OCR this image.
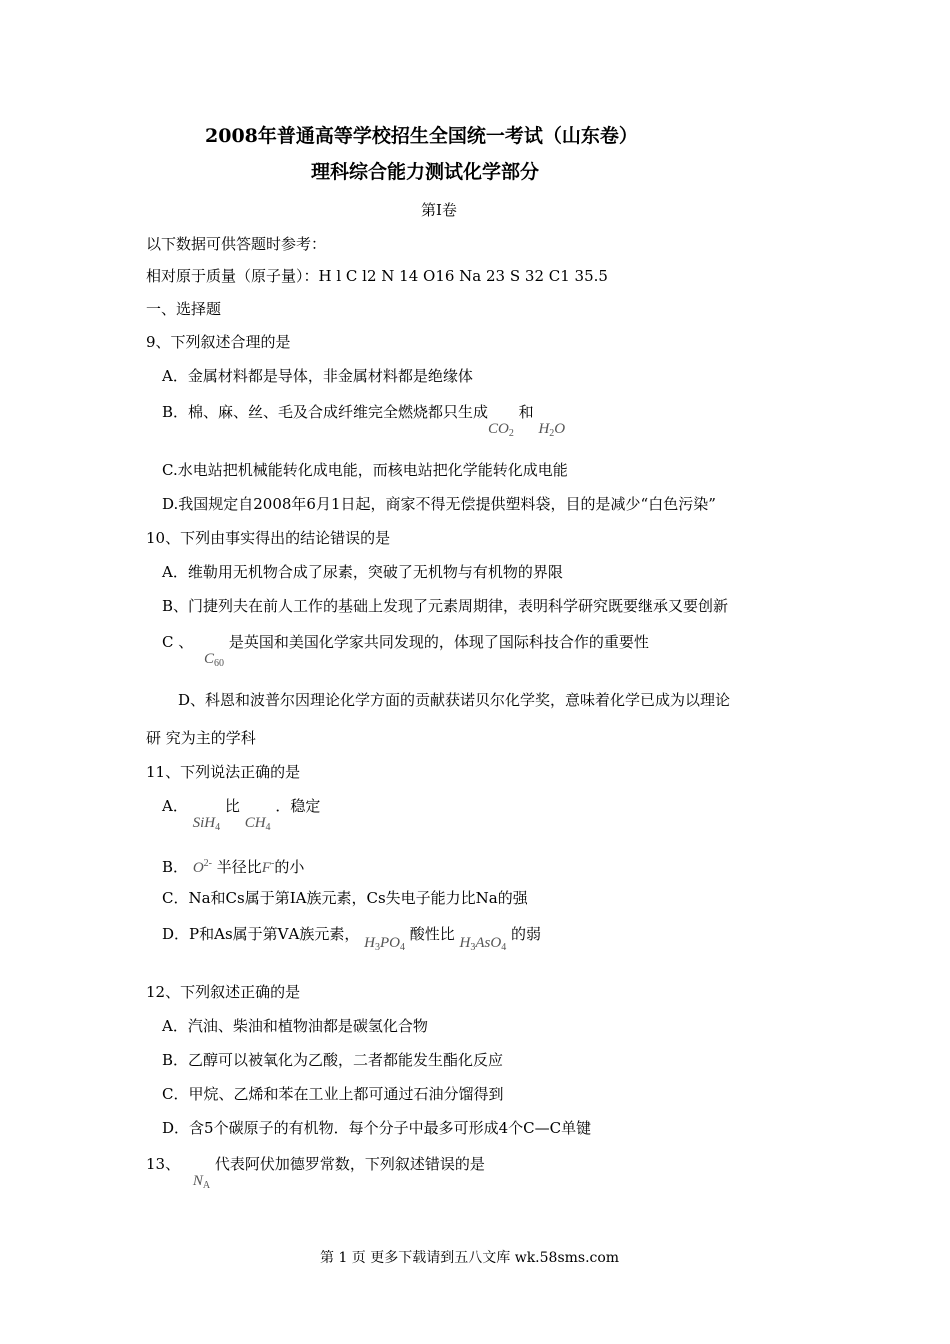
2008年普通高等学校招生全国统一考试（山东卷）
理科综合能力测试化学部分
第Ⅰ卷
以下数据可供答题时参考：
相对原于质量（原子量）：H l C l2 N 14 O16 Na 23 S 32 C1 35.5
一、选择题
9、下列叙述合理的是
A．金属材料都是导体，非金属材料都是绝缘体
B．棉、麻、丝、毛及合成纤维完全燃烧都只生成$CO_2$ 和 $H_2O$
C.水电站把机械能转化成电能，而核电站把化学能转化成电能
D.我国规定自2008年6月1日起，商家不得无偿提供塑料袋，目的是减少“白色污染”
10、下列由事实得出的结论错误的是
A．维勒用无机物合成了尿素，突破了无机物与有机物的界限
B、门捷列夫在前人工作的基础上发现了元素周期律，表明科学研究既要继承又要创新
C 、 $C_{60}$ 是英国和美国化学家共同发现的，体现了国际科技合作的重要性
D、科恩和波普尔因理论化学方面的贡献获诺贝尔化学奖，意味着化学已成为以理论
研 究为主的学科
11、下列说法正确的是
A． SiH$_4$ 比 $CH_4$ ．稳定
B． $O^{2-}$ 半径比F-的小
C．Na和Cs属于第ⅠA族元素，Cs失电子能力比Na的强
D．P和As属于第ⅤA族元素， $H_3PO_4$ 酸性比 $H_3AsO_4$ 的弱
12、下列叙述正确的是
A．汽油、柴油和植物油都是碳氢化合物
B．乙醇可以被氧化为乙酸，二者都能发生酯化反应
C．甲烷、乙烯和苯在工业上都可通过石油分馏得到
D．含5个碳原子的有机物．每个分子中最多可形成4个C—C单键
13、 $N_A$ 代表阿伏加德罗常数，下列叙述错误的是
第 1 页 更多下载请到五八文库 wk.58sms.com
